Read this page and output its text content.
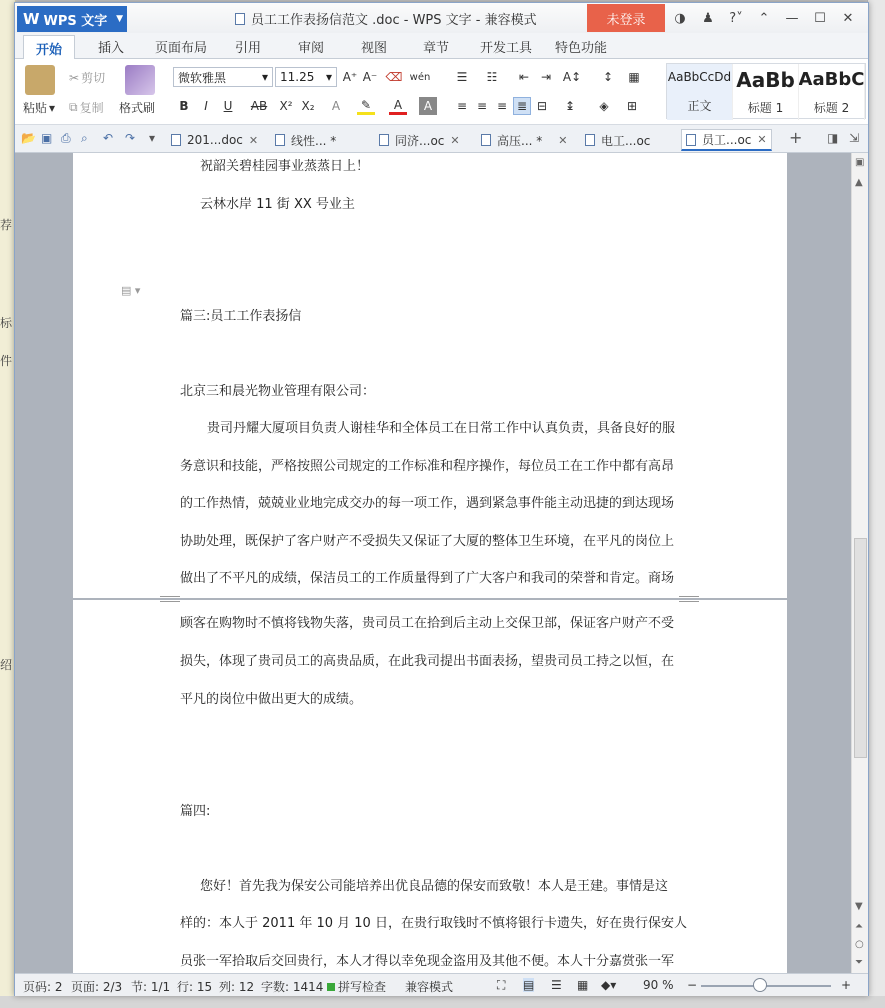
荐
标
件
绍
W WPS 文字 ▼	员工工作表扬信范文 .doc - WPS 文字 - 兼容模式	未登录	◑	♟	?˅	⌃	—	☐	✕
开始	插入 页面布局 引用	审阅	视图	章节 开发工具 特色功能
粘贴 ▾
✂ 剪切
⧉ 复制 格式刷
微软雅黑	▾ 11.25 ▾ A⁺ A⁻ ⌫ wén
B	I	U	AB	X² X₂	A	✎	A	A
☰	☷	⇤ ⇥ A↕	↕	▦
≡ ≡ ≡ ≣ ⊟	↨	◈	⊞
AaBbCcDd
正文
AaBb
标题 1
AaBbC
标题 2
📂 ▣ ⎙ ⌕ ↶ ↷ ▾	201...doc ✕	线性... *	同济...oc ✕	高压... * ✕	电工...oc	员工...oc ✕ + ◨ ⇲
祝韶关碧桂园事业蒸蒸日上！
云林水岸 11 街 XX 号业主
▤ ▾
篇三:员工工作表扬信
北京三和晨光物业管理有限公司：
贵司丹耀大厦项目负责人谢桂华和全体员工在日常工作中认真负责，具备良好的服
务意识和技能，严格按照公司规定的工作标准和程序操作，每位员工在工作中都有高昂
的工作热情，兢兢业业地完成交办的每一项工作，遇到紧急事件能主动迅捷的到达现场
协助处理，既保护了客户财产不受损失又保证了大厦的整体卫生环境，在平凡的岗位上
做出了不平凡的成绩，保洁员工的工作质量得到了广大客户和我司的荣誉和肯定。商场
顾客在购物时不慎将钱物失落，贵司员工在拾到后主动上交保卫部，保证客户财产不受
损失，体现了贵司员工的高贵品质，在此我司提出书面表扬，望贵司员工持之以恒，在
平凡的岗位中做出更大的成绩。
篇四:
您好！首先我为保安公司能培养出优良品德的保安而致敬！本人是王建。事情是这
样的：本人于 2011 年 10 月 10 日，在贵行取钱时不慎将银行卡遗失，好在贵行保安人
员张一军拾取后交回贵行，本人才得以幸免现金盗用及其他不便。本人十分嘉赏张一军
▣
▲
▼
⏶
○
⏷
页码: 2 页面: 2/3 节: 1/1 行: 15 列: 12 字数: 1414 拼写检查 兼容模式	⛶ ▤ ☰ ▦ ◆▾ 90 % −	+
